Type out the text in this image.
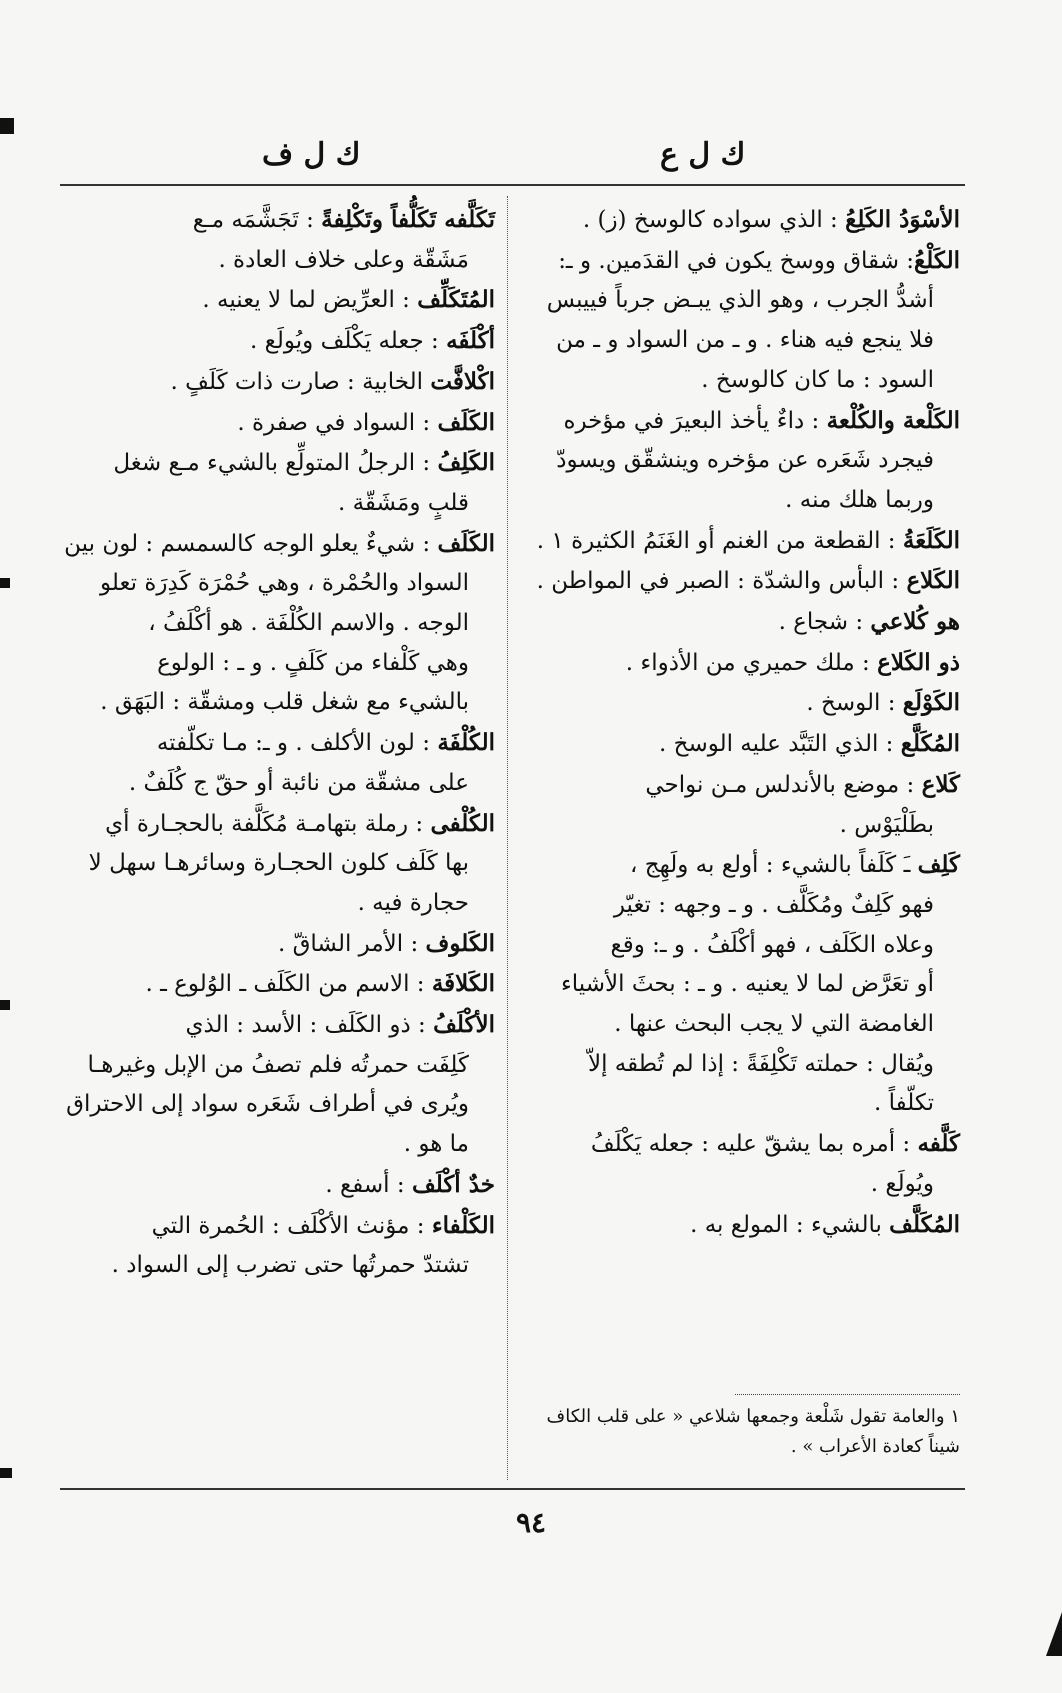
ك ل ع
ك ل ف
الأسْوَدُ الكَلِعُ : الذي سواده كالوسخ (ز) .
الكَلْعُ: شقاق ووسخ يكون في القدَمين. و ـ:
أشدُّ الجرب ، وهو الذي يبـض جرباً فييبس
فلا ينجع فيه هناء . و ـ من السواد و ـ من
السود : ما كان كالوسخ .
الكَلْعة والكُلْعة : داءٌ يأخذ البعيرَ في مؤخره
فيجرد شَعَره عن مؤخره وينشقّق ويسودّ
وربما هلك منه .
الكَلَعَةُ : القطعة من الغنم أو الغَنَمُ الكثيرة ١ .
الكَلاع : البأس والشدّة : الصبر في المواطن .
هو كُلاعي : شجاع .
ذو الكَلاع : ملك حميري من الأذواء .
الكَوْلَع : الوسخ .
المُكَلَّع : الذي التَبَّد عليه الوسخ .
كَلاع : موضع بالأندلس مـن نواحي
بطَلْيَوْس .
كَلِف ـَ كَلَفاً بالشيء : أولع به ولَهِج ،
فهو كَلِفٌ ومُكَلَّف . و ـ وجهه : تغيّر
وعلاه الكَلَف ، فهو أكْلَفُ . و ـ: وقع
أو تعَرَّض لما لا يعنيه . و ـ : بحثَ الأشياء
الغامضة التي لا يجب البحث عنها .
ويُقال : حملته تَكْلِفَةً : إذا لم تُطقه إلاّ
تكلّفاً .
كَلَّفه : أمره بما يشقّ عليه : جعله يَكْلَفُ
ويُولَع .
المُكَلَّف بالشيء : المولع به .
تَكَلَّفه تَكَلُّفاً وتَكْلِفةً : تَجَشَّمَه مـع
مَشَقّة وعلى خلاف العادة .
المُتَكَلِّف : العرِّيض لما لا يعنيه .
أكْلَفَه : جعله يَكْلَف ويُولَع .
اكْلافَّت الخابية : صارت ذات كَلَفٍ .
الكَلَف : السواد في صفرة .
الكَلِفُ : الرجلُ المتولِّع بالشيء مـع شغل
قلبٍ ومَشَقّة .
الكَلَف : شيءٌ يعلو الوجه كالسمسم : لون بين
السواد والحُمْرة ، وهي حُمْرَة كَدِرَة تعلو
الوجه . والاسم الكُلْفَة . هو أكْلَفُ ،
وهي كَلْفاء من كَلَفٍ . و ـ : الولوع
بالشيء مع شغل قلب ومشقّة : البَهَق .
الكُلْفَة : لون الأكلف . و ـ: مـا تكلّفته
على مشقّة من نائبة أو حقّ ج كُلَفٌ .
الكُلْفى : رملة بتهامـة مُكَلَّفة بالحجـارة أي
بها كَلَف كلون الحجـارة وسائرهـا سهل لا
حجارة فيه .
الكَلوف : الأمر الشاقّ .
الكَلافَة : الاسم من الكَلَف ـ الوُلوع ـ .
الأكْلَفُ : ذو الكَلَف : الأسد : الذي
كَلِفَت حمرتُه فلم تصفُ من الإبل وغيرهـا
ويُرى في أطراف شَعَره سواد إلى الاحتراق
ما هو .
خدٌ أكْلَف : أسفع .
الكَلْفاء : مؤنث الأكْلَف : الحُمرة التي
تشتدّ حمرتُها حتى تضرب إلى السواد .
١ والعامة تقول شَلْعة وجمعها شلاعي « على قلب الكاف شيناً كعادة الأعراب » .
٩٤
